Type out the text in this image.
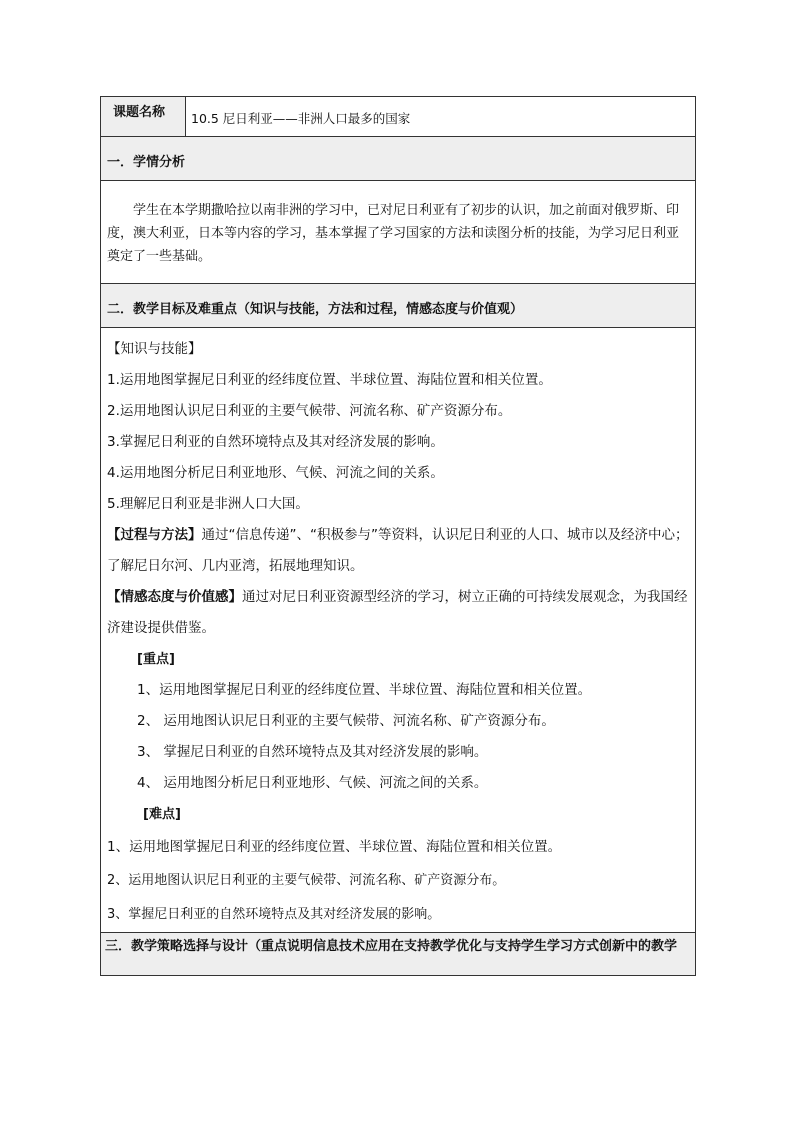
课题名称	10.5 尼日利亚——非洲人口最多的国家
一．学情分析

学生在本学期撒哈拉以南非洲的学习中，已对尼日利亚有了初步的认识，加之前面对俄罗斯、印度，澳大利亚，日本等内容的学习，基本掌握了学习国家的方法和读图分析的技能，为学习尼日利亚奠定了一些基础。

二．教学目标及难重点（知识与技能，方法和过程，情感态度与价值观）

【知识与技能】
1.运用地图掌握尼日利亚的经纬度位置、半球位置、海陆位置和相关位置。
2.运用地图认识尼日利亚的主要气候带、河流名称、矿产资源分布。
3.掌握尼日利亚的自然环境特点及其对经济发展的影响。
4.运用地图分析尼日利亚地形、气候、河流之间的关系。
5.理解尼日利亚是非洲人口大国。
【过程与方法】通过“信息传递”、“积极参与”等资料，认识尼日利亚的人口、城市以及经济中心；了解尼日尔河、几内亚湾，拓展地理知识。
【情感态度与价值感】通过对尼日利亚资源型经济的学习，树立正确的可持续发展观念，为我国经济建设提供借鉴。
[重点]
1、运用地图掌握尼日利亚的经纬度位置、半球位置、海陆位置和相关位置。
2、 运用地图认识尼日利亚的主要气候带、河流名称、矿产资源分布。
3、 掌握尼日利亚的自然环境特点及其对经济发展的影响。
4、 运用地图分析尼日利亚地形、气候、河流之间的关系。
[难点]
1、运用地图掌握尼日利亚的经纬度位置、半球位置、海陆位置和相关位置。
2、运用地图认识尼日利亚的主要气候带、河流名称、矿产资源分布。
3、掌握尼日利亚的自然环境特点及其对经济发展的影响。

三．教学策略选择与设计（重点说明信息技术应用在支持教学优化与支持学生学习方式创新中的教学
